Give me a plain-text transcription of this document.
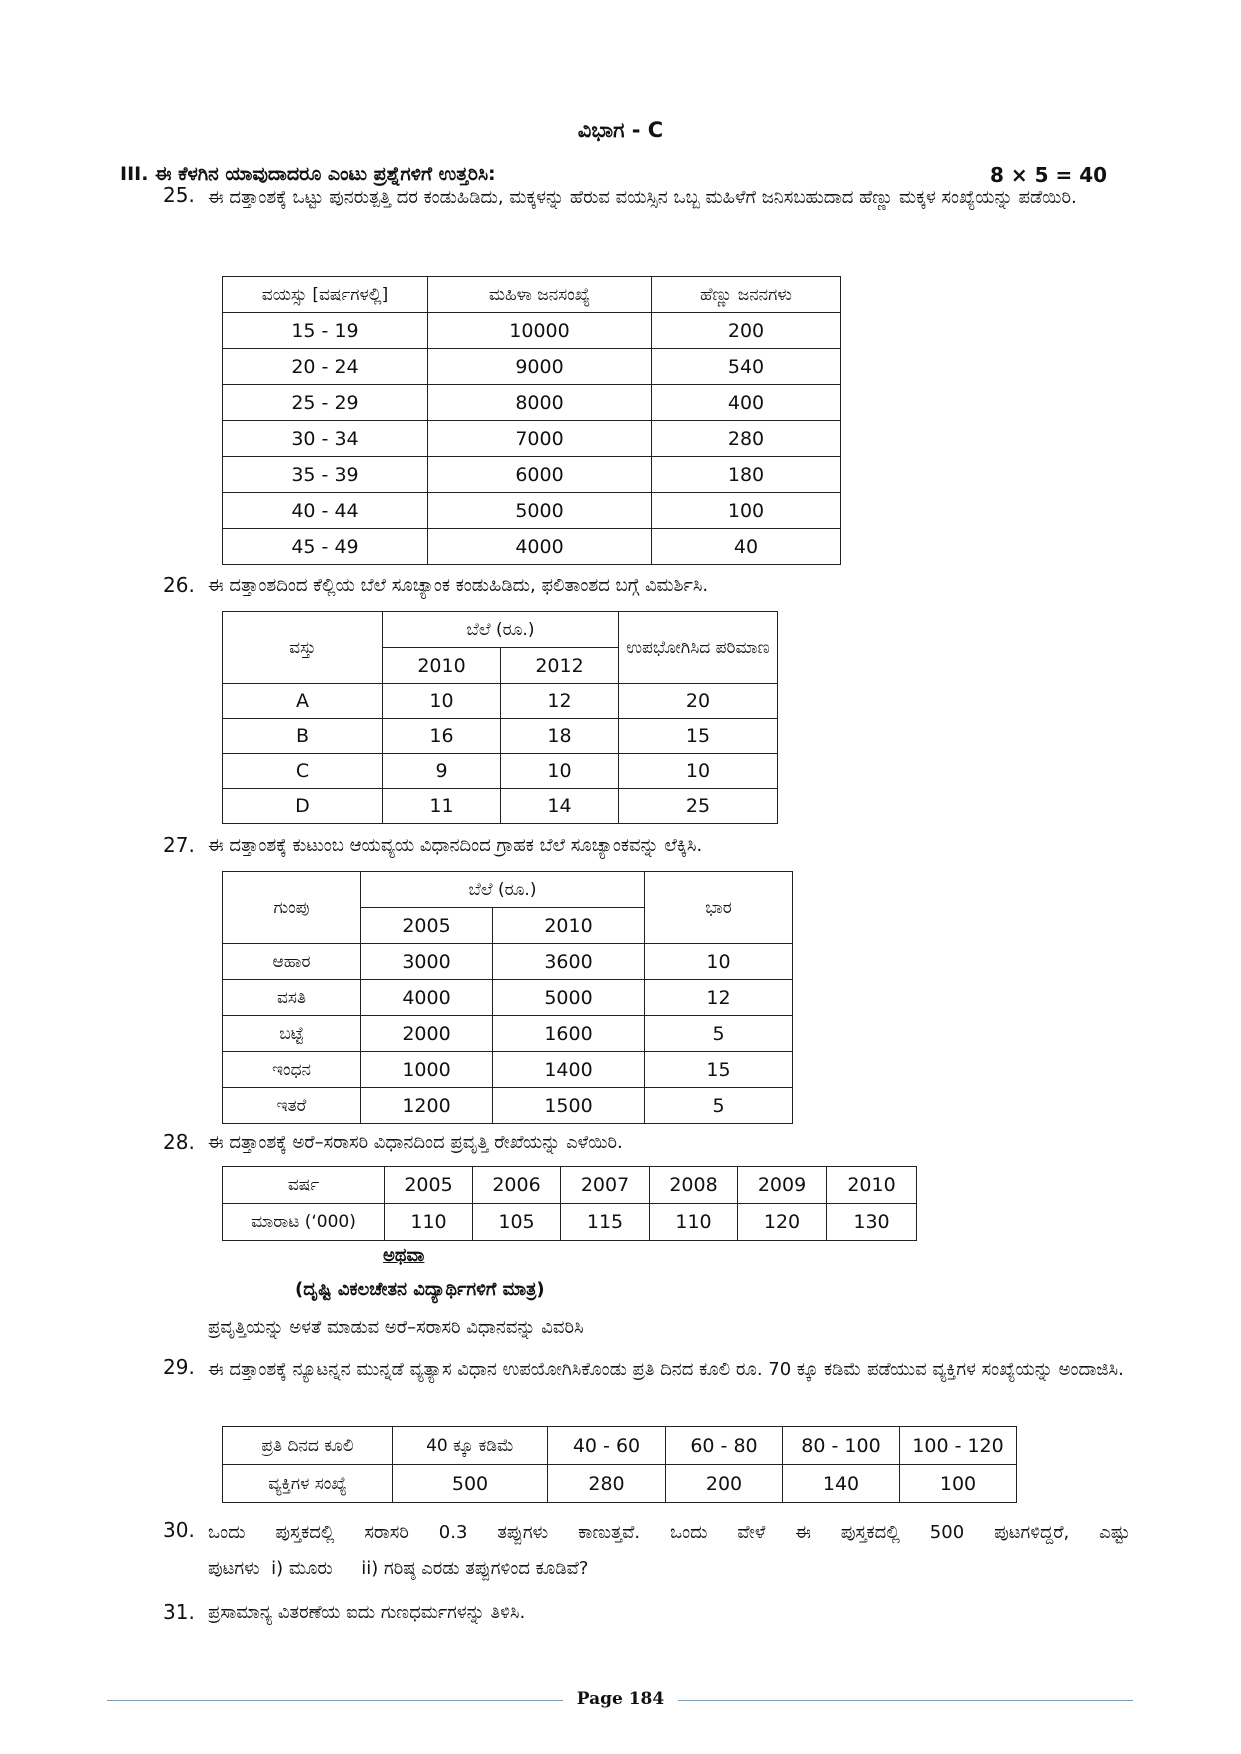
ವಿಭಾಗ - C
III. ಈ ಕೆಳಗಿನ ಯಾವುದಾದರೂ ಎಂಟು ಪ್ರಶ್ನೆಗಳಿಗೆ ಉತ್ತರಿಸಿ:	8 × 5 = 40
25. ಈ ದತ್ತಾಂಶಕ್ಕೆ ಒಟ್ಟು ಪುನರುತ್ಪತ್ತಿ ದರ ಕಂಡುಹಿಡಿದು, ಮಕ್ಕಳನ್ನು ಹೆರುವ ವಯಸ್ಸಿನ ಒಬ್ಬ ಮಹಿಳೆಗೆ ಜನಿಸಬಹುದಾದ ಹೆಣ್ಣು ಮಕ್ಕಳ ಸಂಖ್ಯೆಯನ್ನು ಪಡೆಯಿರಿ.
ವಯಸ್ಸು [ವರ್ಷಗಳಲ್ಲಿ]	ಮಹಿಳಾ ಜನಸಂಖ್ಯೆ	ಹೆಣ್ಣು ಜನನಗಳು
15 - 19	10000	200
20 - 24	9000	540
25 - 29	8000	400
30 - 34	7000	280
35 - 39	6000	180
40 - 44	5000	100
45 - 49	4000	40
26. ಈ ದತ್ತಾಂಶದಿಂದ ಕೆಲ್ಲಿಯ ಬೆಲೆ ಸೂಚ್ಯಾಂಕ ಕಂಡುಹಿಡಿದು, ಫಲಿತಾಂಶದ ಬಗ್ಗೆ ವಿಮರ್ಶಿಸಿ.
ವಸ್ತು	ಬೆಲೆ (ರೂ.)		ಉಪಭೋಗಿಸಿದ ಪರಿಮಾಣ
	2010	2012	
A	10	12	20
B	16	18	15
C	9	10	10
D	11	14	25
27. ಈ ದತ್ತಾಂಶಕ್ಕೆ ಕುಟುಂಬ ಆಯವ್ಯಯ ವಿಧಾನದಿಂದ ಗ್ರಾಹಕ ಬೆಲೆ ಸೂಚ್ಯಾಂಕವನ್ನು ಲೆಕ್ಕಿಸಿ.
ಗುಂಪು	ಬೆಲೆ (ರೂ.)		ಭಾರ
	2005	2010	
ಆಹಾರ	3000	3600	10
ವಸತಿ	4000	5000	12
ಬಟ್ಟೆ	2000	1600	5
ಇಂಧನ	1000	1400	15
ಇತರೆ	1200	1500	5
28. ಈ ದತ್ತಾಂಶಕ್ಕೆ ಅರೆ–ಸರಾಸರಿ ವಿಧಾನದಿಂದ ಪ್ರವೃತ್ತಿ ರೇಖೆಯನ್ನು ಎಳೆಯಿರಿ.
ವರ್ಷ	2005	2006	2007	2008	2009	2010
ಮಾರಾಟ (‘000)	110	105	115	110	120	130
ಅಥವಾ
(ದೃಷ್ಟಿ ವಿಕಲಚೇತನ ವಿದ್ಯಾರ್ಥಿಗಳಿಗೆ ಮಾತ್ರ)
ಪ್ರವೃತ್ತಿಯನ್ನು ಅಳತೆ ಮಾಡುವ ಅರೆ–ಸರಾಸರಿ ವಿಧಾನವನ್ನು ವಿವರಿಸಿ
29. ಈ ದತ್ತಾಂಶಕ್ಕೆ ನ್ಯೂಟನ್ನನ ಮುನ್ನಡೆ ವ್ಯತ್ಯಾಸ ವಿಧಾನ ಉಪಯೋಗಿಸಿಕೊಂಡು ಪ್ರತಿ ದಿನದ ಕೂಲಿ ರೂ. 70 ಕ್ಕೂ ಕಡಿಮೆ ಪಡೆಯುವ ವ್ಯಕ್ತಿಗಳ ಸಂಖ್ಯೆಯನ್ನು ಅಂದಾಜಿಸಿ.
ಪ್ರತಿ ದಿನದ ಕೂಲಿ	40 ಕ್ಕೂ ಕಡಿಮೆ	40 - 60	60 - 80	80 - 100	100 - 120
ವ್ಯಕ್ತಿಗಳ ಸಂಖ್ಯೆ	500	280	200	140	100
30. ಒಂದು ಪುಸ್ತಕದಲ್ಲಿ ಸರಾಸರಿ 0.3 ತಪ್ಪುಗಳು ಕಾಣುತ್ತವೆ. ಒಂದು ವೇಳೆ ಈ ಪುಸ್ತಕದಲ್ಲಿ 500 ಪುಟಗಳಿದ್ದರೆ, ಎಷ್ಟು
ಪುಟಗಳು  i) ಮೂರು     ii) ಗರಿಷ್ಠ ಎರಡು ತಪ್ಪುಗಳಿಂದ ಕೂಡಿವೆ?
31. ಪ್ರಸಾಮಾನ್ಯ ವಿತರಣೆಯ ಐದು ಗುಣಧರ್ಮಗಳನ್ನು ತಿಳಿಸಿ.
Page 184
